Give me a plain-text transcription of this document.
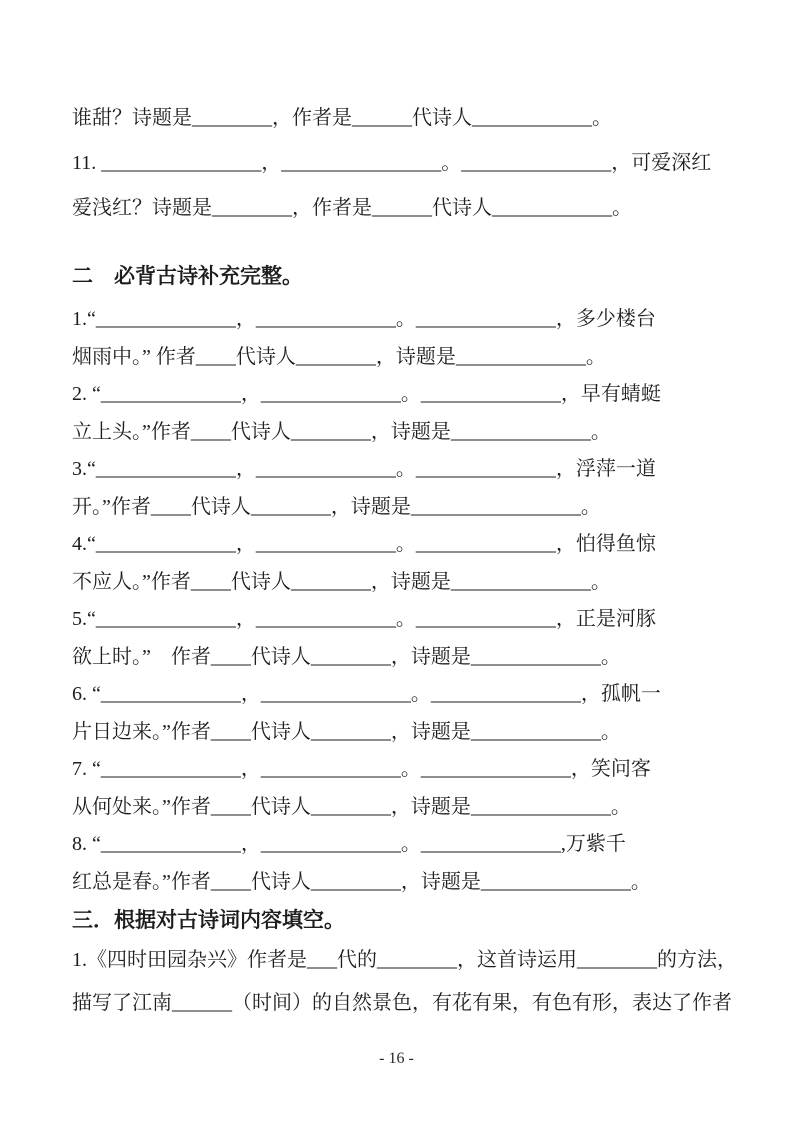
谁甜？诗题是________，作者是______代诗人____________。
11. ________________，________________。_______________，可爱深红
爱浅红？诗题是________，作者是______代诗人____________。
二　必背古诗补充完整。
1.“______________，______________。______________，多少楼台
烟雨中。” 作者____代诗人________，诗题是_____________。
2. “______________，______________。______________，早有蜻蜓
立上头。”作者____代诗人________，诗题是______________。
3.“______________，______________。______________，浮萍一道
开。”作者____代诗人________，诗题是_________________。
4.“______________，______________。______________，怕得鱼惊
不应人。”作者____代诗人________，诗题是______________。
5.“______________，______________。______________，正是河豚
欲上时。”　作者____代诗人________，诗题是_____________。
6. “______________，_______________。_______________，孤帆一
片日边来。”作者____代诗人________，诗题是_____________。
7. “______________，______________。_______________，笑问客
从何处来。”作者____代诗人________，诗题是______________。
8. “______________，______________。______________,万紫千
红总是春。”作者____代诗人_________，诗题是_______________。
三．根据对古诗词内容填空。
1.《四时田园杂兴》作者是___代的________，这首诗运用________的方法，
描写了江南______（时间）的自然景色，有花有果，有色有形，表达了作者
- 16 -
